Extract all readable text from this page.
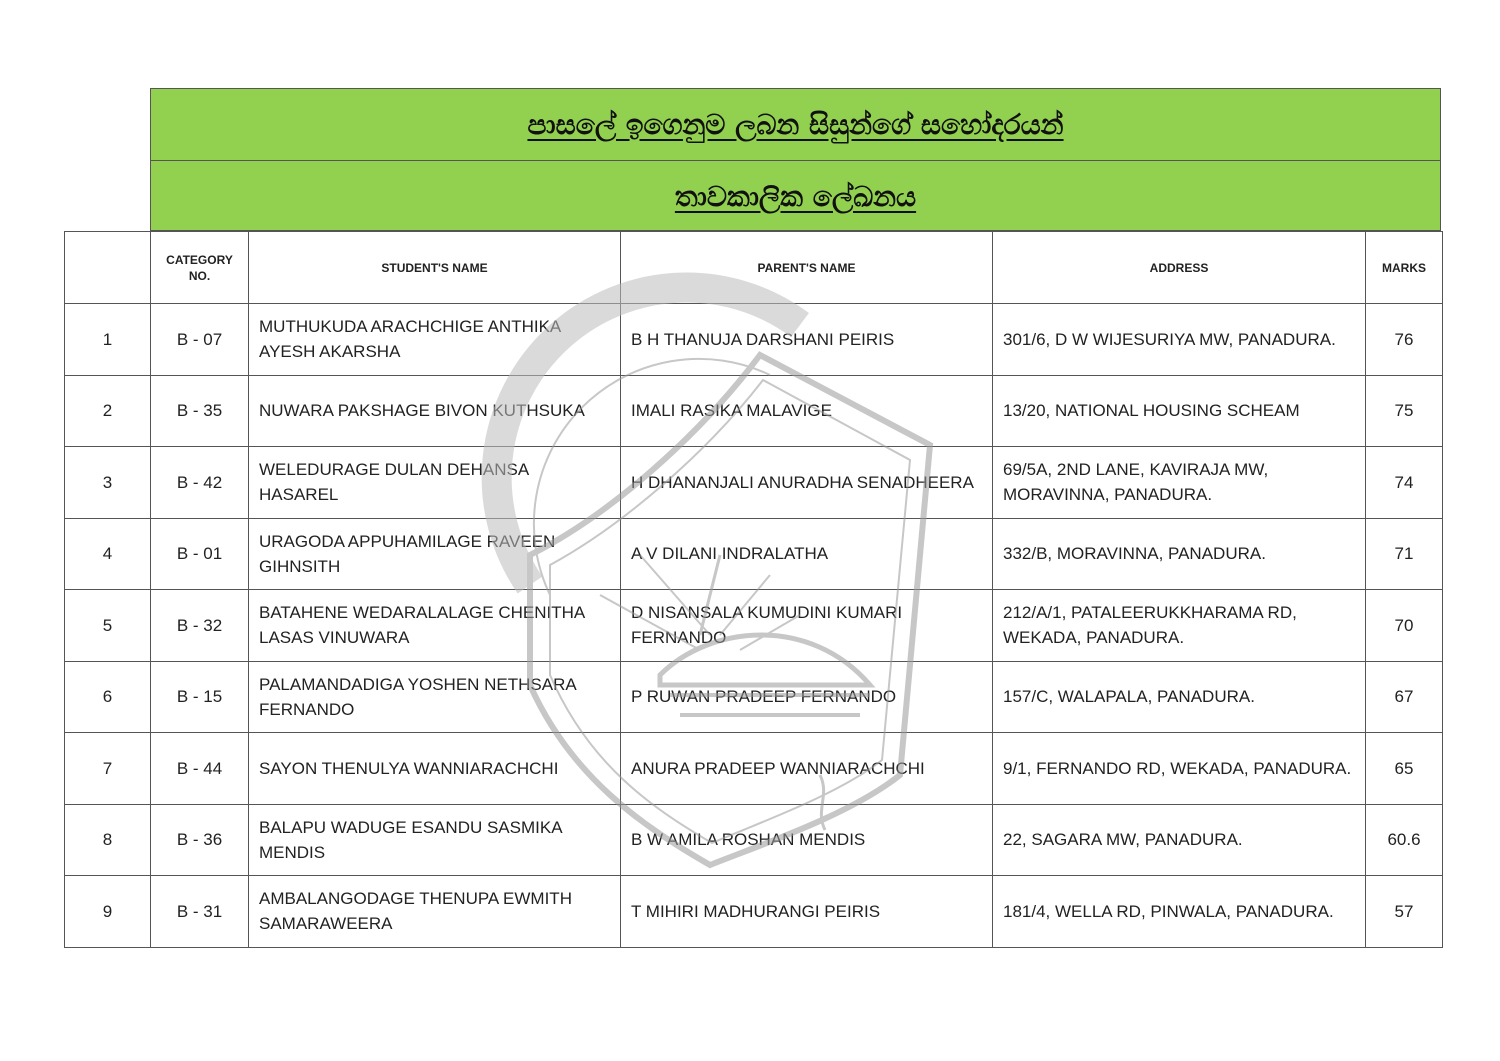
පාසලේ ඉගෙනුම ලබන සිසුන්ගේ සහෝදරයන්
තාවකාලික ලේඛනය
	CATEGORY NO.	STUDENT'S NAME	PARENT'S NAME	ADDRESS	MARKS
1	B - 07	MUTHUKUDA ARACHCHIGE ANTHIKA AYESH AKARSHA	B H THANUJA DARSHANI PEIRIS	301/6, D W WIJESURIYA MW, PANADURA.	76
2	B - 35	NUWARA PAKSHAGE BIVON KUTHSUKA	IMALI RASIKA MALAVIGE	13/20, NATIONAL HOUSING SCHEAM	75
3	B - 42	WELEDURAGE DULAN DEHANSA HASAREL	H DHANANJALI ANURADHA SENADHEERA	69/5A, 2ND LANE, KAVIRAJA MW, MORAVINNA, PANADURA.	74
4	B - 01	URAGODA APPUHAMILAGE RAVEEN GIHNSITH	A V DILANI INDRALATHA	332/B, MORAVINNA, PANADURA.	71
5	B - 32	BATAHENE WEDARALALAGE CHENITHA LASAS VINUWARA	D NISANSALA KUMUDINI KUMARI FERNANDO	212/A/1, PATALEERUKKHARAMA RD, WEKADA, PANADURA.	70
6	B - 15	PALAMANDADIGA YOSHEN NETHSARA FERNANDO	P RUWAN PRADEEP FERNANDO	157/C, WALAPALA, PANADURA.	67
7	B - 44	SAYON THENULYA WANNIARACHCHI	ANURA PRADEEP WANNIARACHCHI	9/1, FERNANDO RD, WEKADA, PANADURA.	65
8	B - 36	BALAPU WADUGE ESANDU SASMIKA MENDIS	B W AMILA ROSHAN MENDIS	22, SAGARA MW, PANADURA.	60.6
9	B - 31	AMBALANGODAGE THENUPA EWMITH SAMARAWEERA	T MIHIRI MADHURANGI PEIRIS	181/4, WELLA RD, PINWALA, PANADURA.	57
